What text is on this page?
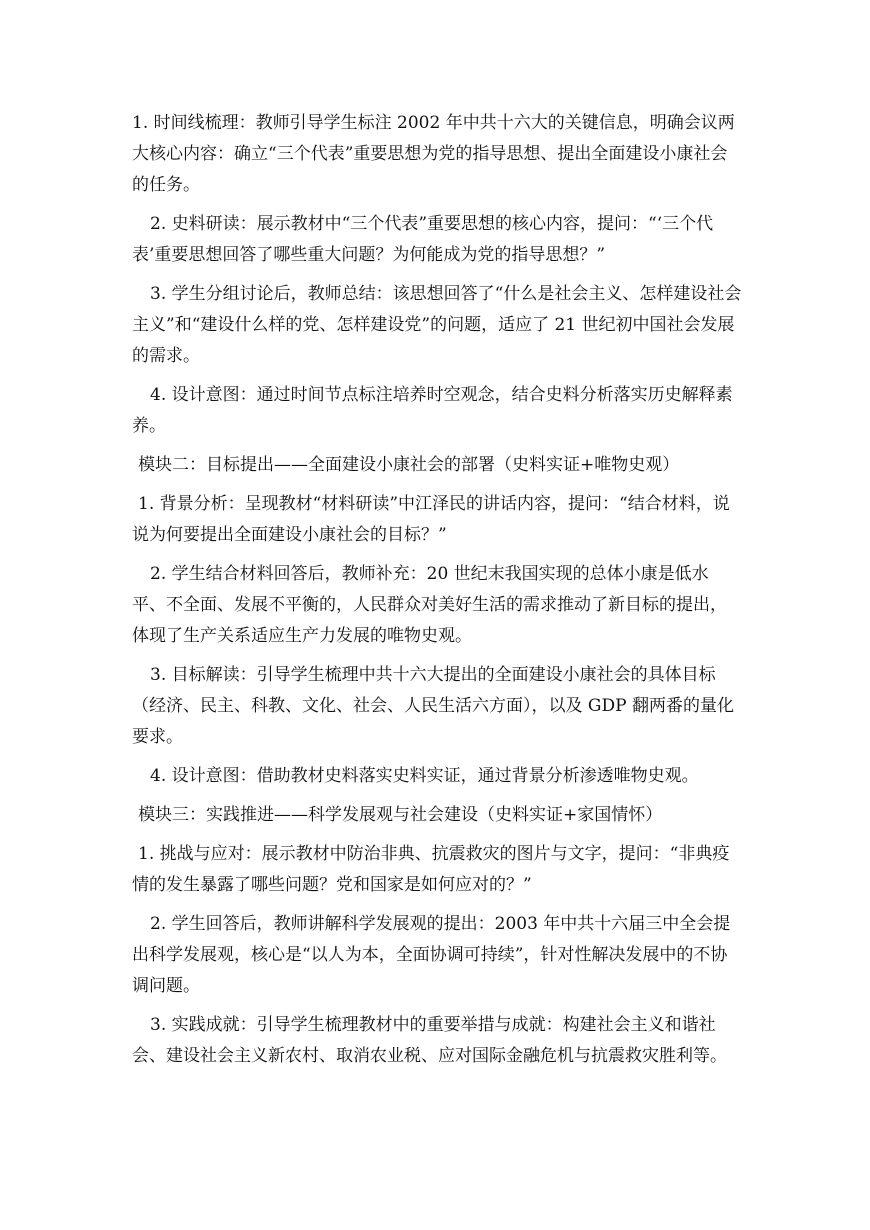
1. 时间线梳理：教师引导学生标注 2002 年中共十六大的关键信息，明确会议两大核心内容：确立“三个代表”重要思想为党的指导思想、提出全面建设小康社会的任务。

2. 史料研读：展示教材中“三个代表”重要思想的核心内容，提问：“‘三个代表’重要思想回答了哪些重大问题？为何能成为党的指导思想？”

3. 学生分组讨论后，教师总结：该思想回答了“什么是社会主义、怎样建设社会主义”和“建设什么样的党、怎样建设党”的问题，适应了 21 世纪初中国社会发展的需求。

4. 设计意图：通过时间节点标注培养时空观念，结合史料分析落实历史解释素养。

模块二：目标提出——全面建设小康社会的部署（史料实证+唯物史观）

1. 背景分析：呈现教材“材料研读”中江泽民的讲话内容，提问：“结合材料，说说为何要提出全面建设小康社会的目标？”

2. 学生结合材料回答后，教师补充：20 世纪末我国实现的总体小康是低水平、不全面、发展不平衡的，人民群众对美好生活的需求推动了新目标的提出，体现了生产关系适应生产力发展的唯物史观。

3. 目标解读：引导学生梳理中共十六大提出的全面建设小康社会的具体目标（经济、民主、科教、文化、社会、人民生活六方面），以及 GDP 翻两番的量化要求。

4. 设计意图：借助教材史料落实史料实证，通过背景分析渗透唯物史观。

模块三：实践推进——科学发展观与社会建设（史料实证+家国情怀）

1. 挑战与应对：展示教材中防治非典、抗震救灾的图片与文字，提问：“非典疫情的发生暴露了哪些问题？党和国家是如何应对的？”

2. 学生回答后，教师讲解科学发展观的提出：2003 年中共十六届三中全会提出科学发展观，核心是“以人为本，全面协调可持续”，针对性解决发展中的不协调问题。

3. 实践成就：引导学生梳理教材中的重要举措与成就：构建社会主义和谐社会、建设社会主义新农村、取消农业税、应对国际金融危机与抗震救灾胜利等。
